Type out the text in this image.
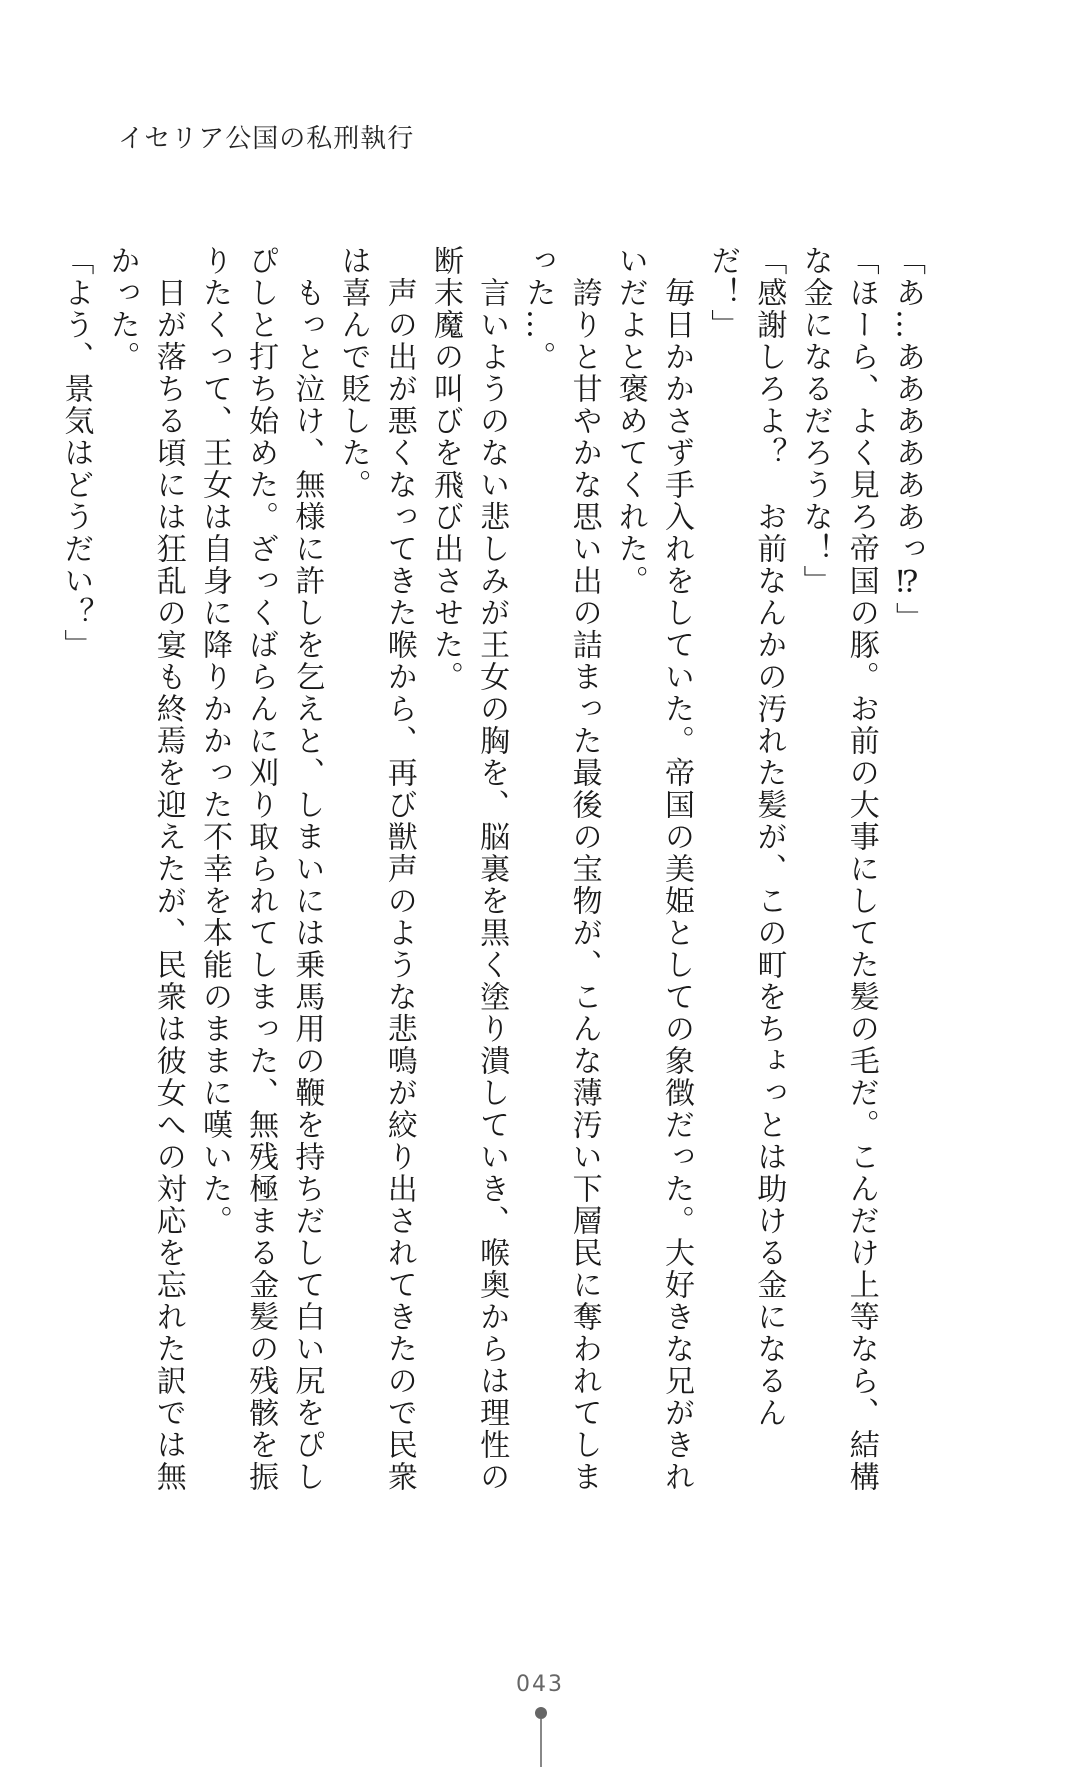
イセリア公国の私刑執行

「あ…ああああああっ⁉」

「ほーら、よく見ろ帝国の豚。お前の大事にしてた髪の毛だ。こんだけ上等なら、結構な金になるだろうな！」

「感謝しろよ？　お前なんかの汚れた髪が、この町をちょっとは助ける金になるんだ！」

　毎日かかさず手入れをしていた。帝国の美姫としての象徴だった。大好きな兄がきれいだよと褒めてくれた。

　誇りと甘やかな思い出の詰まった最後の宝物が、こんな薄汚い下層民に奪われてしまった…。

　言いようのない悲しみが王女の胸を、脳裏を黒く塗り潰していき、喉奥からは理性の断末魔の叫びを飛び出させた。

　声の出が悪くなってきた喉から、再び獣声のような悲鳴が絞り出されてきたので民衆は喜んで貶した。

　もっと泣け、無様に許しを乞えと、しまいには乗馬用の鞭を持ちだして白い尻をぴしぴしと打ち始めた。ざっくばらんに刈り取られてしまった、無残極まる金髪の残骸を振りたくって、王女は自身に降りかかった不幸を本能のままに嘆いた。

　日が落ちる頃には狂乱の宴も終焉を迎えたが、民衆は彼女への対応を忘れた訳では無かった。

「よう、景気はどうだい？」

043
